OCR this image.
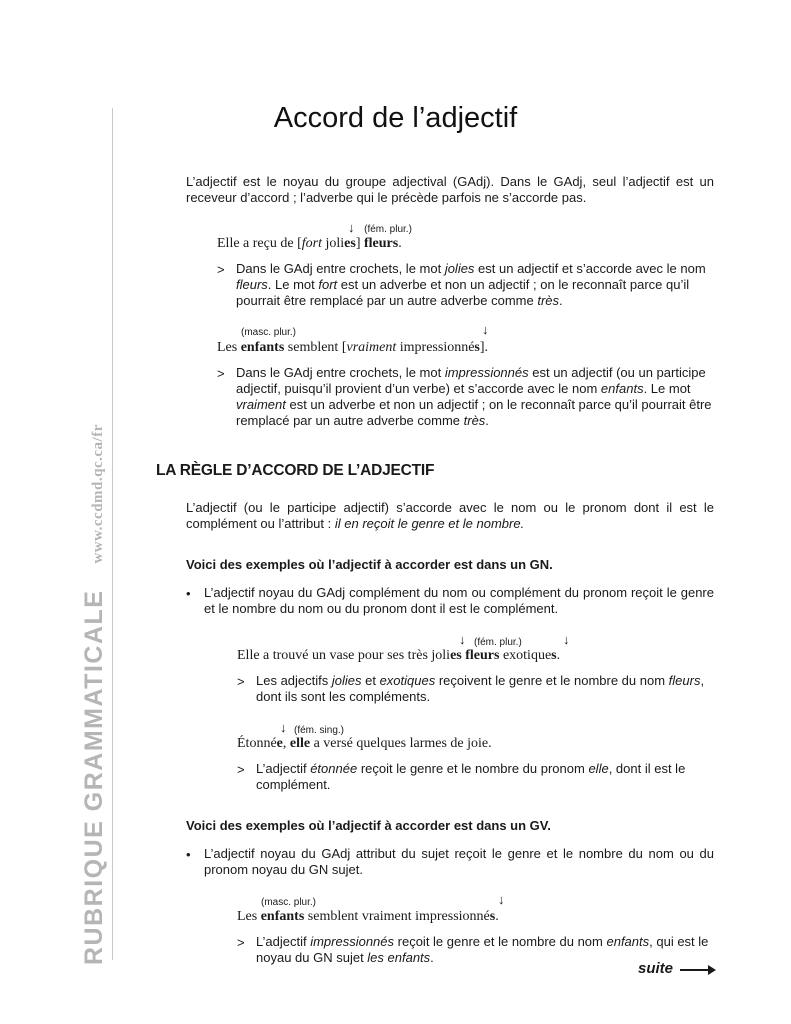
RUBRIQUE GRAMMATICALEwww.ccdmd.qc.ca/fr
Accord de l’adjectif

L’adjectif est le noyau du groupe adjectival (GAdj). Dans le GAdj, seul l’adjectif est un receveur d’accord ; l’adverbe qui le précède parfois ne s’accorde pas.

↓ (fém. plur.)
Elle a reçu de [fort jolies] fleurs.
> Dans le GAdj entre crochets, le mot jolies est un adjectif et s’accorde avec le nom fleurs. Le mot fort est un adverbe et non un adjectif ; on le reconnaît parce qu’il pourrait être remplacé par un autre adverbe comme très.

(masc. plur.)	↓
Les enfants semblent [vraiment impressionnés].
> Dans le GAdj entre crochets, le mot impressionnés est un adjectif (ou un participe adjectif, puisqu’il provient d’un verbe) et s’accorde avec le nom enfants. Le mot vraiment est un adverbe et non un adjectif ; on le reconnaît parce qu’il pourrait être remplacé par un autre adverbe comme très.

LA RÈGLE D’ACCORD DE L’ADJECTIF

L’adjectif (ou le participe adjectif) s’accorde avec le nom ou le pronom dont il est le complément ou l’attribut : il en reçoit le genre et le nombre.

Voici des exemples où l’adjectif à accorder est dans un GN.

• L’adjectif noyau du GAdj complément du nom ou complément du pronom reçoit le genre et le nombre du nom ou du pronom dont il est le complément.

↓ (fém. plur.)	↓
Elle a trouvé un vase pour ses très jolies fleurs exotiques.
> Les adjectifs jolies et exotiques reçoivent le genre et le nombre du nom fleurs, dont ils sont les compléments.

↓ (fém. sing.)
Étonnée, elle a versé quelques larmes de joie.
> L’adjectif étonnée reçoit le genre et le nombre du pronom elle, dont il est le complément.

Voici des exemples où l’adjectif à accorder est dans un GV.

• L’adjectif noyau du GAdj attribut du sujet reçoit le genre et le nombre du nom ou du pronom noyau du GN sujet.

(masc. plur.)	↓
Les enfants semblent vraiment impressionnés.
> L’adjectif impressionnés reçoit le genre et le nombre du nom enfants, qui est le noyau du GN sujet les enfants.

suite
